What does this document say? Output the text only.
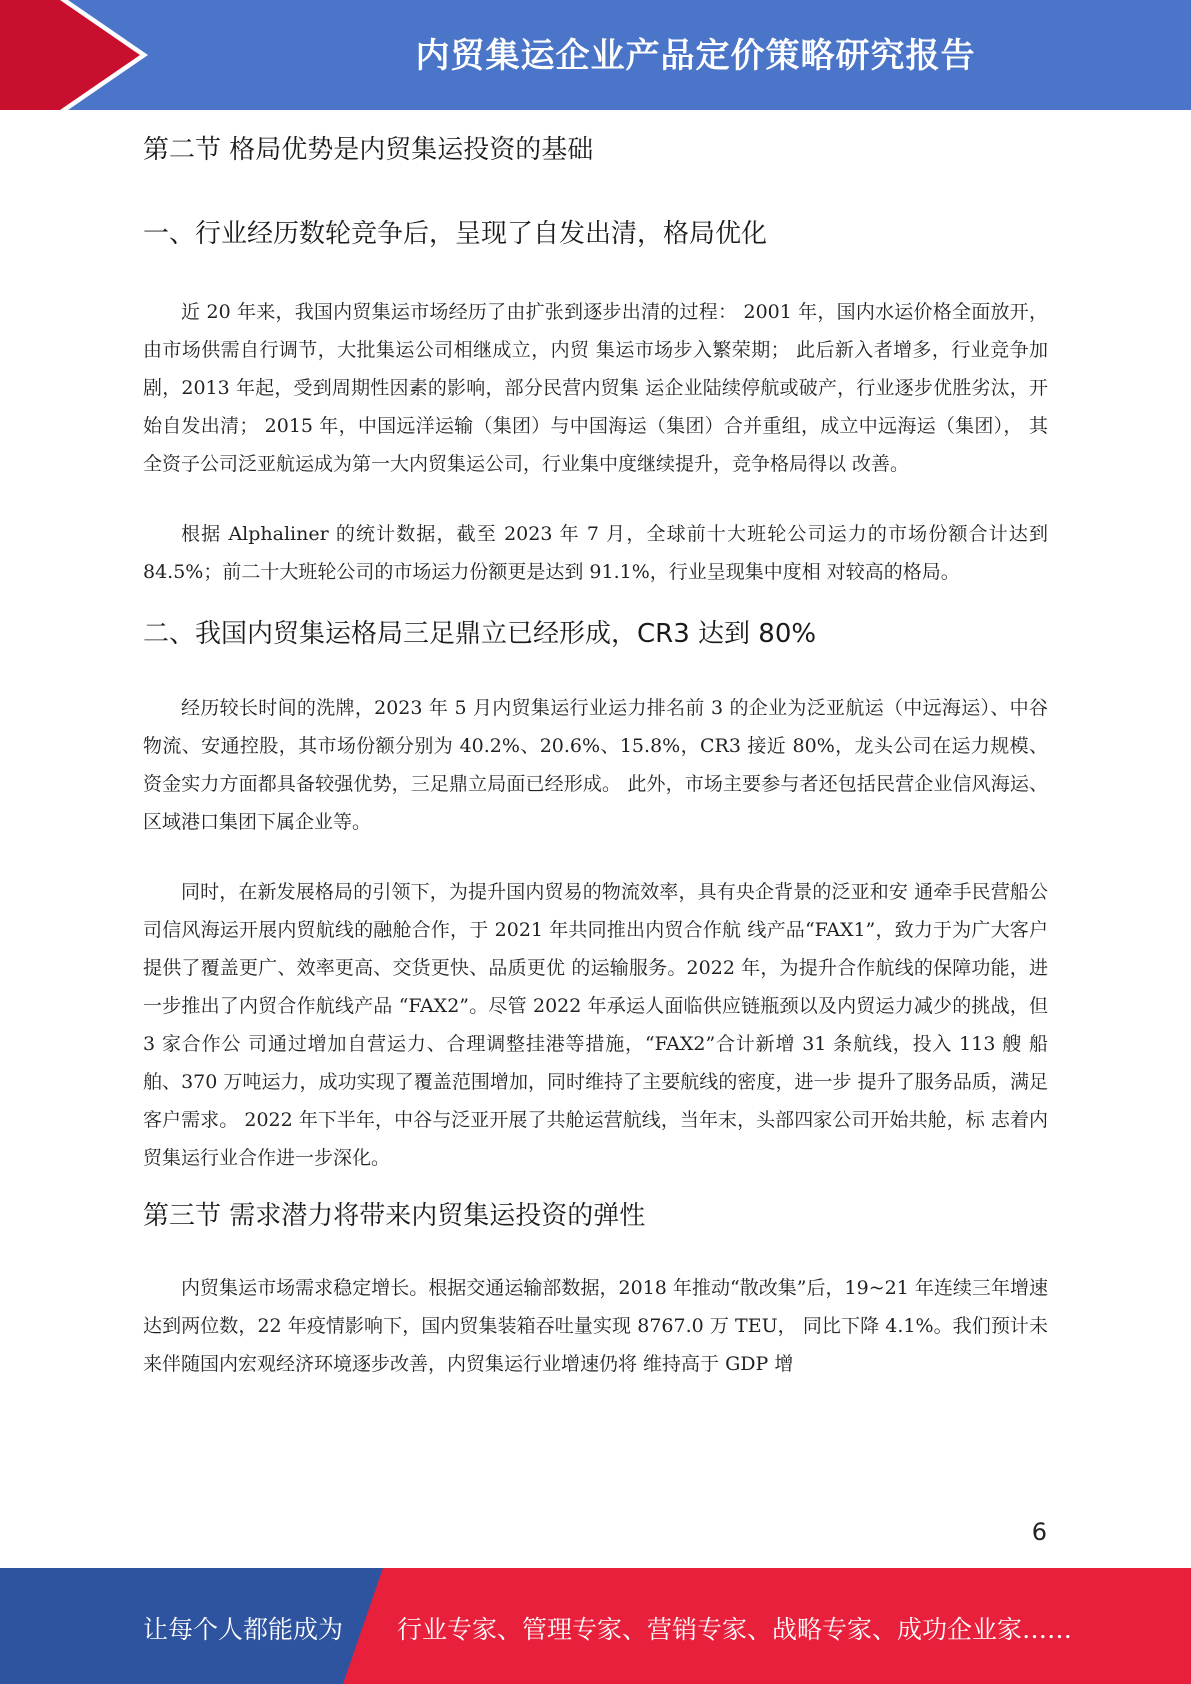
内贸集运企业产品定价策略研究报告
第二节 格局优势是内贸集运投资的基础
一、行业经历数轮竞争后，呈现了自发出清，格局优化

近 20 年来，我国内贸集运市场经历了由扩张到逐步出清的过程： 2001 年，国内水运价格全面放开，由市场供需自行调节，大批集运公司相继成立，内贸 集运市场步入繁荣期； 此后新入者增多，行业竞争加剧，2013 年起，受到周期性因素的影响，部分民营内贸集 运企业陆续停航或破产，行业逐步优胜劣汰，开始自发出清； 2015 年，中国远洋运输（集团）与中国海运（集团）合并重组，成立中远海运（集团）， 其全资子公司泛亚航运成为第一大内贸集运公司，行业集中度继续提升，竞争格局得以 改善。

根据 Alphaliner 的统计数据，截至 2023 年 7 月，全球前十大班轮公司运力的市场份额合计达到 84.5%；前二十大班轮公司的市场运力份额更是达到 91.1%，行业呈现集中度相 对较高的格局。

二、我国内贸集运格局三足鼎立已经形成，CR3 达到 80%

经历较长时间的洗牌，2023 年 5 月内贸集运行业运力排名前 3 的企业为泛亚航运（中远海运）、中谷物流、安通控股，其市场份额分别为 40.2%、20.6%、15.8%，CR3 接近 80%，龙头公司在运力规模、资金实力方面都具备较强优势，三足鼎立局面已经形成。 此外，市场主要参与者还包括民营企业信风海运、区域港口集团下属企业等。

同时，在新发展格局的引领下，为提升国内贸易的物流效率，具有央企背景的泛亚和安 通牵手民营船公司信风海运开展内贸航线的融舱合作，于 2021 年共同推出内贸合作航 线产品“FAX1”，致力于为广大客户提供了覆盖更广、效率更高、交货更快、品质更优 的运输服务。2022 年，为提升合作航线的保障功能，进一步推出了内贸合作航线产品 “FAX2”。尽管 2022 年承运人面临供应链瓶颈以及内贸运力减少的挑战，但 3 家合作公 司通过增加自营运力、合理调整挂港等措施，“FAX2”合计新增 31 条航线，投入 113 艘 船舶、370 万吨运力，成功实现了覆盖范围增加，同时维持了主要航线的密度，进一步 提升了服务品质，满足客户需求。 2022 年下半年，中谷与泛亚开展了共舱运营航线，当年末，头部四家公司开始共舱，标 志着内贸集运行业合作进一步深化。

第三节 需求潜力将带来内贸集运投资的弹性

内贸集运市场需求稳定增长。根据交通运输部数据，2018 年推动“散改集”后，19~21 年连续三年增速达到两位数，22 年疫情影响下，国内贸集装箱吞吐量实现 8767.0 万 TEU， 同比下降 4.1%。我们预计未来伴随国内宏观经济环境逐步改善，内贸集运行业增速仍将 维持高于 GDP 增

6
让每个人都能成为 行业专家、管理专家、营销专家、战略专家、成功企业家……
